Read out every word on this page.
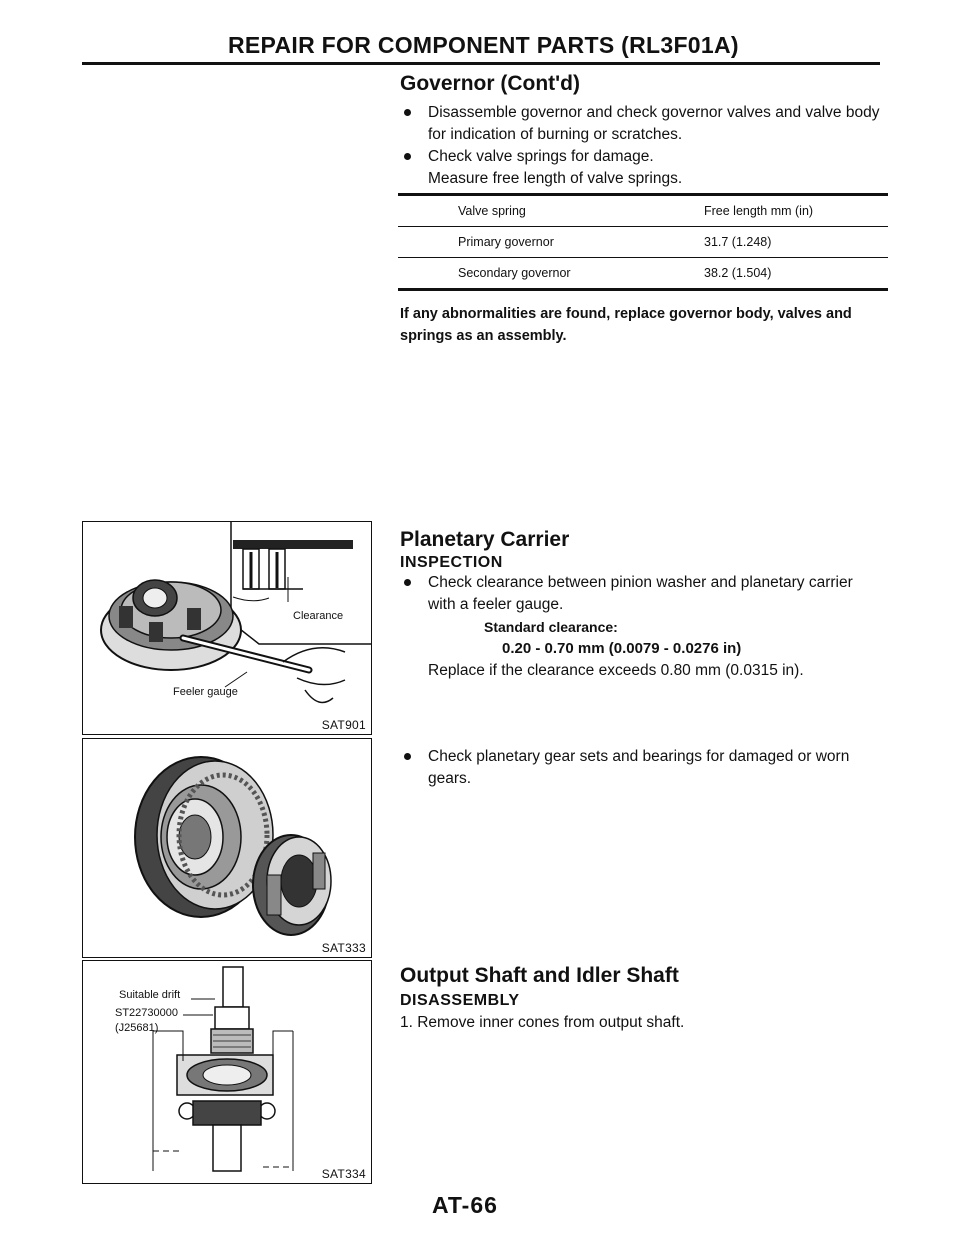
REPAIR FOR COMPONENT PARTS (RL3F01A)
Governor (Cont'd)
Disassemble governor and check governor valves and valve body for indication of burning or scratches.
Check valve springs for damage.
Measure free length of valve springs.
Valve spring	Free length mm (in)
Primary governor	31.7 (1.248)
Secondary governor	38.2 (1.504)
If any abnormalities are found, replace governor body, valves and springs as an assembly.
Planetary Carrier
INSPECTION
Check clearance between pinion washer and planetary carrier with a feeler gauge.
Standard clearance:
0.20 - 0.70 mm (0.0079 - 0.0276 in)
Replace if the clearance exceeds 0.80 mm (0.0315 in).
Check planetary gear sets and bearings for damaged or worn gears.
Output Shaft and Idler Shaft
DISASSEMBLY
1. Remove inner cones from output shaft.
Clearance
Feeler gauge
SAT901
SAT333
Suitable drift
ST22730000
(J25681)
SAT334
AT-66
